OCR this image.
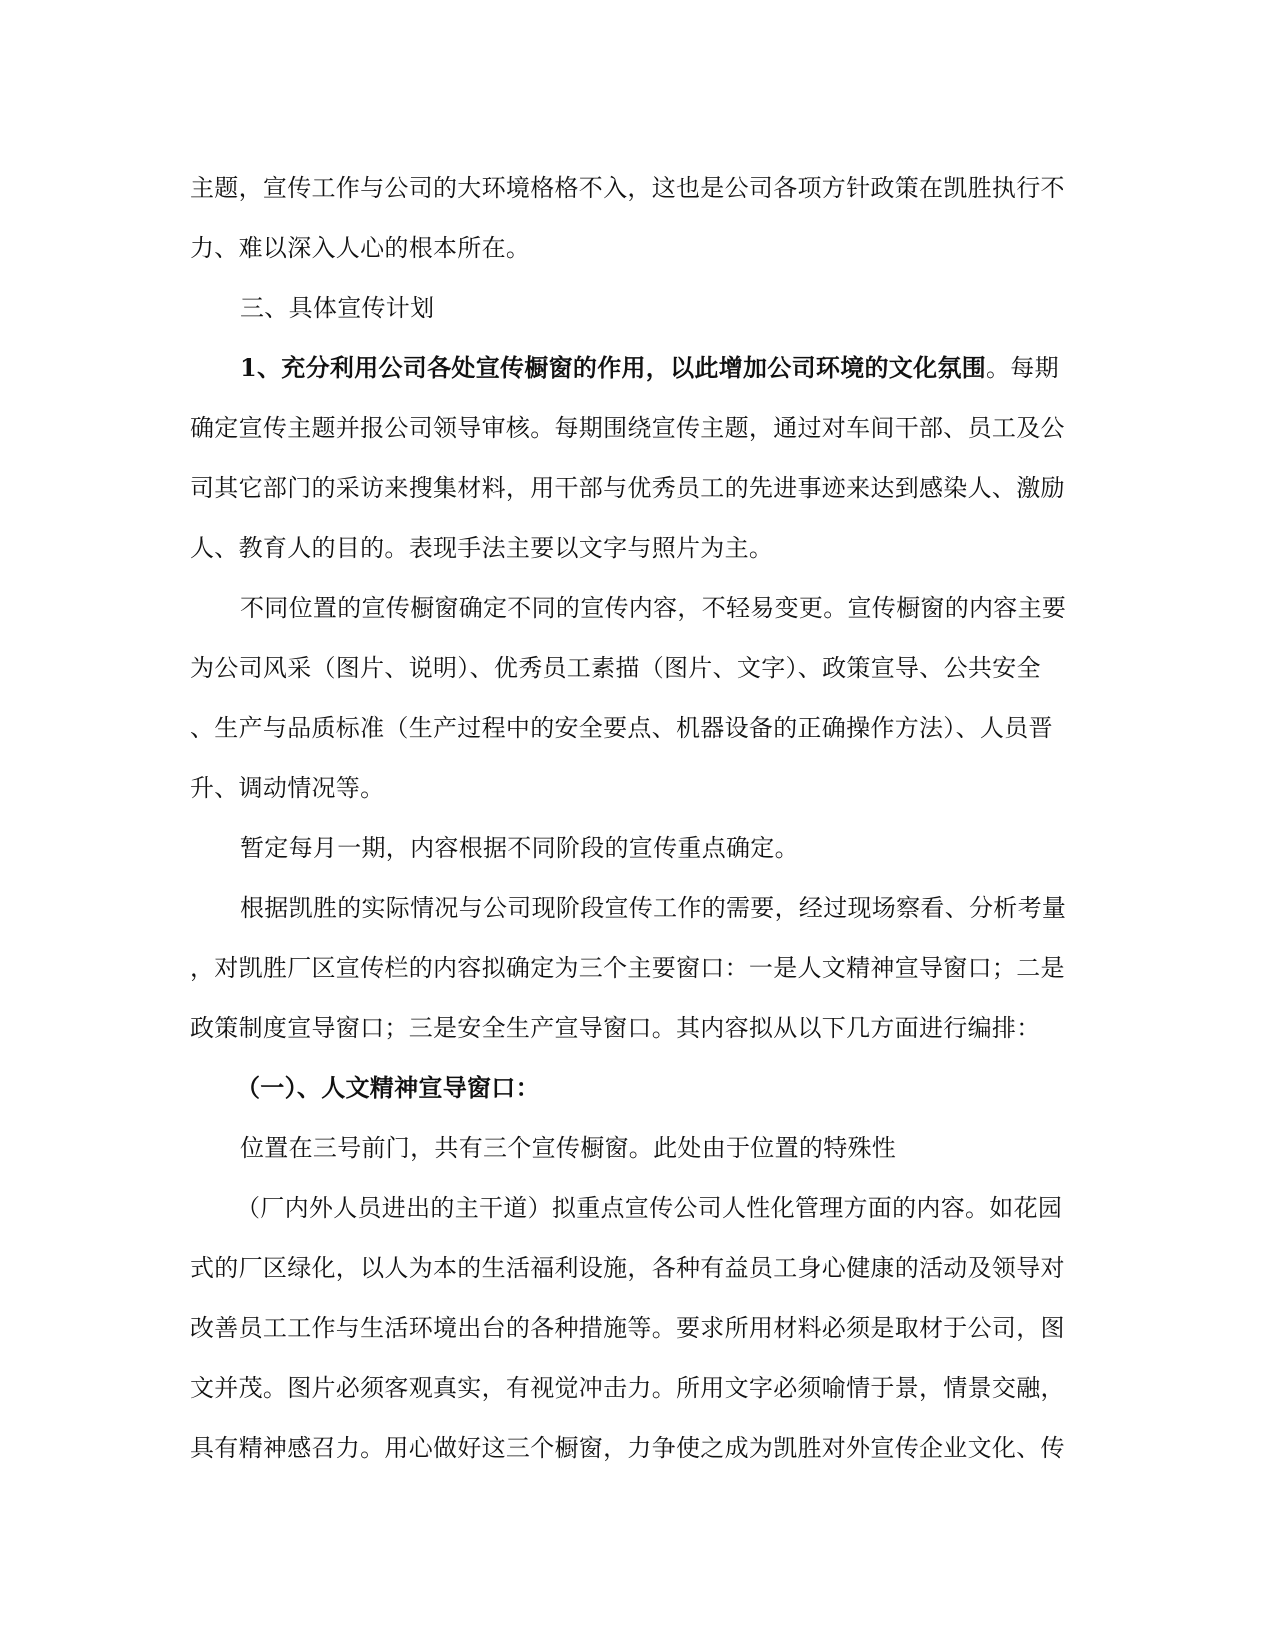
主题，宣传工作与公司的大环境格格不入，这也是公司各项方针政策在凯胜执行不
力、难以深入人心的根本所在。
三、具体宣传计划
1、充分利用公司各处宣传橱窗的作用，以此增加公司环境的文化氛围。每期
确定宣传主题并报公司领导审核。每期围绕宣传主题，通过对车间干部、员工及公
司其它部门的采访来搜集材料，用干部与优秀员工的先进事迹来达到感染人、激励
人、教育人的目的。表现手法主要以文字与照片为主。
不同位置的宣传橱窗确定不同的宣传内容，不轻易变更。宣传橱窗的内容主要
为公司风采（图片、说明）、优秀员工素描（图片、文字）、政策宣导、公共安全
、生产与品质标准（生产过程中的安全要点、机器设备的正确操作方法）、人员晋
升、调动情况等。
暂定每月一期，内容根据不同阶段的宣传重点确定。
根据凯胜的实际情况与公司现阶段宣传工作的需要，经过现场察看、分析考量
，对凯胜厂区宣传栏的内容拟确定为三个主要窗口：一是人文精神宣导窗口；二是
政策制度宣导窗口；三是安全生产宣导窗口。其内容拟从以下几方面进行编排：
（一）、人文精神宣导窗口：
位置在三号前门，共有三个宣传橱窗。此处由于位置的特殊性
（厂内外人员进出的主干道）拟重点宣传公司人性化管理方面的内容。如花园
式的厂区绿化，以人为本的生活福利设施，各种有益员工身心健康的活动及领导对
改善员工工作与生活环境出台的各种措施等。要求所用材料必须是取材于公司，图
文并茂。图片必须客观真实，有视觉冲击力。所用文字必须喻情于景，情景交融，
具有精神感召力。用心做好这三个橱窗，力争使之成为凯胜对外宣传企业文化、传
